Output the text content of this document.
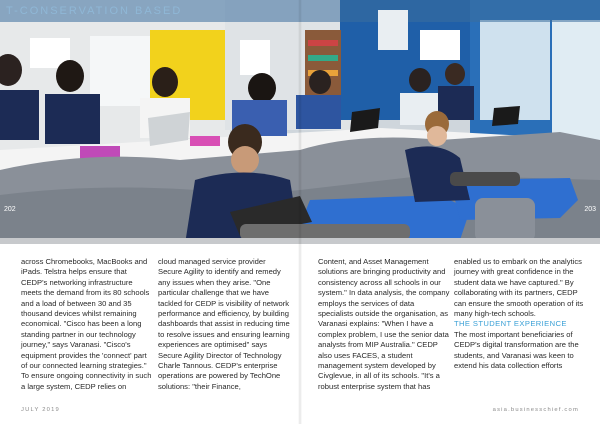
T-CONSERVATION BASED
202	203

across Chromebooks, MacBooks and iPads. Telstra helps ensure that CEDP's networking infrastructure meets the demand from its 80 schools and a load of between 30 and 35 thousand devices whilst remaining economical. "Cisco has been a long standing partner in our technology journey," says Varanasi. "Cisco's equipment provides the 'connect' part of our connected learning strategies." To ensure ongoing connectivity in such a large system, CEDP relies on

cloud managed service provider Secure Agility to identify and remedy any issues when they arise. "One particular challenge that we have tackled for CEDP is visibility of network performance and efficiency, by building dashboards that assist in reducing time to resolve issues and ensuring learning experiences are optimised" says Secure Agility Director of Technology Charle Tannous. CEDP's enterprise operations are powered by TechOne solutions: "their Finance,

Content, and Asset Management solutions are bringing productivity and consistency across all schools in our system." In data analysis, the company employs the services of data specialists outside the organisation, as Varanasi explains: "When I have a complex problem, I use the senior data analysts from MIP Australia." CEDP also uses FACES, a student management system developed by Civglevue, in all of its schools. "It's a robust enterprise system that has

enabled us to embark on the analytics journey with great confidence in the student data we have captured." By collaborating with its partners, CEDP can ensure the smooth operation of its many high-tech schools.

THE STUDENT EXPERIENCE

The most important beneficiaries of CEDP's digital transformation are the students, and Varanasi was keen to extend his data collection efforts

JULY 2019	asia.businesschief.com
